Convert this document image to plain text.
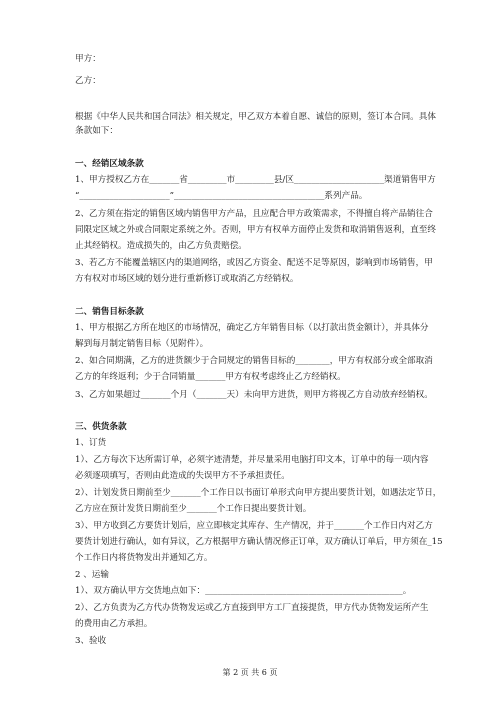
甲方：
乙方：
根据《中华人民共和国合同法》相关规定，甲乙双方本着自愿、诚信的原则，签订本合同。具体
条款如下：
一、经销区域条款
1、甲方授权乙方在_______省_________市_________县/区_____________________渠道销售甲方
“_____________________”___________________________________系列产品。
2、乙方须在指定的销售区域内销售甲方产品，且应配合甲方政策需求，不得擅自将产品销往合
同限定区域之外或合同限定系统之外。否则，甲方有权单方面停止发货和取消销售返利，直至终
止其经销权。造成损失的，由乙方负责赔偿。
3、若乙方不能覆盖辖区内的渠道网络，或因乙方资金、配送不足等原因，影响到市场销售，甲
方有权对市场区域的划分进行重新修订或取消乙方经销权。
二、销售目标条款
1、甲方根据乙方所在地区的市场情况，确定乙方年销售目标（以打款出货金额计），并具体分
解到每月制定销售目标（见附件）。
2、如合同期满，乙方的进货额少于合同规定的销售目标的________，甲方有权部分或全部取消
乙方的年终返利；少于合同销量_______甲方有权考虑终止乙方经销权。
3、乙方如果超过_______个月（_______天）未向甲方进货，则甲方将视乙方自动放弃经销权。
三、供货条款
1、订货
1）、乙方每次下达所需订单，必须字迹清楚，并尽量采用电脑打印文本，订单中的每一项内容
必须逐项填写，否则由此造成的失误甲方不予承担责任。
2）、计划发货日期前至少_______个工作日以书面订单形式向甲方提出要货计划，如遇法定节日，
乙方应在预计发货日期前至少_______个工作日提出要货计划。
3）、甲方收到乙方要货计划后，应立即核定其库存、生产情况，并于_______个工作日内对乙方
要货计划进行确认，如有异议，乙方根据甲方确认情况修正订单，双方确认订单后，甲方须在_15
个工作日内将货物发出并通知乙方。
2 、运输
1）、双方确认甲方交货地点如下：______________________________________________。
2）、乙方负责为乙方代办货物发运或乙方直接到甲方工厂直接提货，甲方代办货物发运所产生
的费用由乙方承担。
3、验收
第 2 页 共 6 页
